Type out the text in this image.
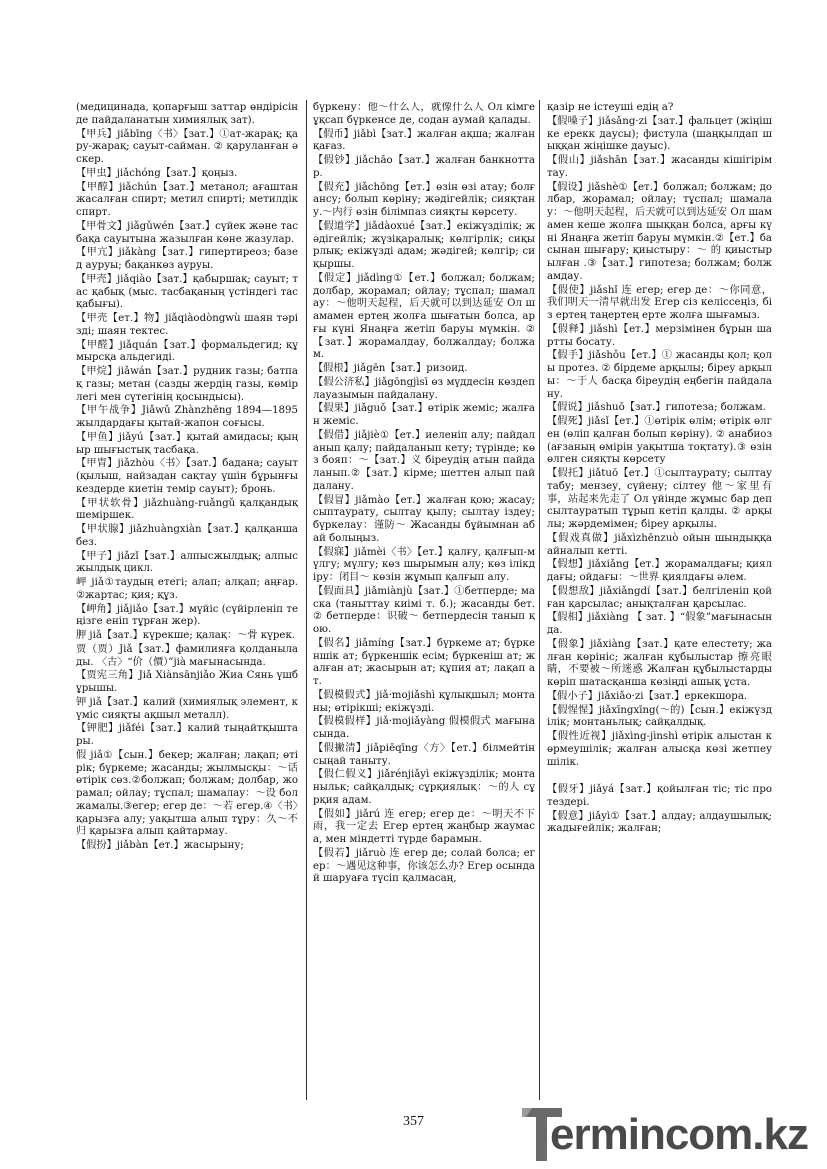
(медицинада, қопарғыш заттар өндірісінде пайдаланатын химиялық зат).
【甲兵】jiǎbīng〈书〉【зат.】①ат-жарақ; қару-жарақ; сауыт-сайман. ② қаруланған әскер.
【甲虫】jiǎchóng【зат.】қоңыз.
【甲醇】jiǎchún【зат.】метанол; ағаштан жасалған спирт; метил спирті; метилдік спирт.
【甲骨文】jiǎgǔwén【зат.】сүйек және тасбақа сауытына жазылған көне жазулар.
【甲亢】jiǎkàng【зат.】гипертиреоз; базед ауруы; бақанкөз ауруы.
【甲壳】jiǎqiào【зат.】қабыршақ; сауыт; тас қабық (мыс. тасбақаның үстіндегі тас қабығы).
【甲壳【ет.】物】jiǎqiàodòngwù шаян тәрізді; шаян тектес.
【甲醛】jiǎquán【зат.】формальдегид; құмырсқа альдегиді.
【甲烷】jiǎwán【зат.】рудник газы; батпақ газы; метан (сазды жердің газы, көмірлегі мен сүтегінің қосындысы).
【甲午战争】Jiǎwǔ Zhànzhēng 1894—1895 жылдардағы қытай-жапон соғысы.
【甲鱼】jiǎyú【зат.】қытай амидасы; қыңыр шығыстық тасбақа.
【甲胄】jiǎzhòu〈书〉【зат.】бадана; сауыт (қылыш, найзадан сақтау үшін бұрынғы кездерде киетін темір сауыт); бронь.
【甲状软骨】jiǎzhuàng-ruǎngǔ қалқандық шеміршек.
【甲状腺】jiǎzhuàngxiàn【зат.】қалқанша без.
【甲子】jiǎzǐ【зат.】алпысжылдық; алпысжылдық цикл.
岬 jiǎ①таудың етегі; алап; алқап; аңғар. ②жартас; қия; құз.
【岬角】jiǎjiǎo【зат.】мүйіс (сүйірленіп теңізге еніп тұрған жер).
胛 jiǎ【зат.】күрекше; қалақ：～骨 күрек.
贾（贾）Jiǎ【зат.】фамилияға қолданылады. 〈古〉“价（價）”jià мағынасында.
【贾宪三角】Jiǎ Xiànsānjiǎo Жиа Сянь үшбұрышы.
钾 jiǎ【зат.】калий (химиялық элемент, күміс сияқты ақшыл металл).
【钾肥】jiǎféi【зат.】калий тыңайтқыштары.
假 jiǎ①【сын.】бекер; жалған; лақап; өтірік; бүркеме; жасанды; жылмысқы：～话 өтірік сөз.②болжап; болжам; долбар, жорамал; ойлау; тұспал; шамалау：～设 болжамалы.③егер; егер де：～若 егер.④〈书〉қарызға алу; уақытша алып тұру：久～不归 қарызға алып қайтармау.
【假扮】jiǎbàn【ет.】жасырыну;
бүркену：他～什么人，就像什么人 Ол кімге ұқсап бүркенсе де, содан аумай қалады.
【假币】jiǎbì【зат.】жалған ақша; жалған қағаз.
【假钞】jiǎchāo【зат.】жалған банкноттар.
【假充】jiǎchōng【ет.】өзін өзі атау; болғансу; болып көріну; жәдігейлік; сияқтану.～内行 өзін білімпаз сияқты көрсету.
【假道学】jiǎdàoxué【зат.】екіжүзділік; жәдігейлік; жүзіқаралық; көлгірлік; сиқырлық; екіжүзді адам; жәдігей; көлгір; сиқыршы.
【假定】jiǎdìng①【ет.】болжал; болжам; долбар, жорамал; ойлау; тұспал; шамалау：～他明天起程，后天就可以到达延安 Ол шамамен ертең жолға шығатын болса, арғы күні Янаңға жетіп баруы мүмкін. ②【зат.】жорамалдау, болжалдау; болжам.
【假根】jiǎgēn【зат.】ризоид.
【假公济私】jiǎgōngjìsī өз мүддесін көздеп лауазымын пайдалану.
【假果】jiǎguǒ【зат.】өтірік жеміс; жалған жеміс.
【假借】jiǎjiè①【ет.】иеленіп алу; пайдаланып қалу; пайдаланып кету; түрінде; көз бояп：～【зат.】义 біреудің атын пайдаланып.②【зат.】кірме; шеттен алып пайдалану.
【假冒】jiǎmào【ет.】жалған қою; жасау; сыптаурату, сылтау қылу; сылтау іздеу; бүркелау：谨防～ Жасанды бұйымнан абай болыңыз.
【假寐】jiǎmèi〈书〉【ет.】қалғу, қалғып-мүлгу; мүлгу; көз шырымын алу; көз ілікдіру：闭目～ көзін жұмып қалғып алу.
【假面具】jiǎmiànjù【зат.】①бетперде; маска (таныттау киімі т. б.); жасанды бет. ② бетперде：识破～ бетпердесін танып қою.
【假名】jiǎmíng【зат.】бүркеме ат; бүркеншік ат; бүркеншік есім; бүркеніш ат; жалған ат; жасырын ат; құпия ат; лақап ат.
【假模假式】jiǎ·mojiǎshì құлықшыл; монтаны; өтірікші; екіжүзді.
【假模假样】jiǎ·mojiǎyàng 假模假式 мағынасында.
【假撇清】jiǎpiēqīng〈方〉【ет.】білмейтін сыңай таныту.
【假仁假义】jiǎrénjiǎyì екіжүзділік; монтаныльк; сайқалдық; сұрқиялық：～的人 сұрқия адам.
【假如】jiǎrú 连 егер; егер де：～明天不下雨，我一定去 Егер ертең жаңбыр жаумаса, мен міндетті түрде барамын.
【假若】jiǎruò 连 егер де; солай болса; егер：～遇见这种事，你该怎么办? Егер осындай шаруаға түсіп қалмасаң,
қазір не істеуші едің а?
【假嗓子】jiǎsǎng·zi【зат.】фальцет (жіңішке ерекк даусы); фистула (шаңқылдап шыққан жіңішке дауыс).
【假山】jiǎshān【зат.】жасанды кішігірім тау.
【假设】jiǎshè①【ет.】болжал; болжам; долбар, жорамал; ойлау; тұспал; шамалау：～他明天起程，后天就可以到达延安 Ол шамамен кеше жолға шыққан болса, арғы күні Янаңға жетіп баруы мүмкін.②【ет.】басынан шығару; қиыстыру：～ 的 қиыстырылған .③【зат.】гипотеза; болжам; болжамдау.
【假使】jiǎshǐ 连 егер; егер де：～你同意，我们明天一清早就出发 Егер сіз келіссеңіз, біз ертең таңертең ерте жолға шығамыз.
【假释】jiǎshì【ет.】мерзімінен бұрын шартты босату.
【假手】jiǎshǒu【ет.】① жасанды қол; қолы протез. ② бірдеме арқылы; біреу арқылы：～于人 басқа біреудің еңбегін пайдалану.
【假说】jiǎshuō【зат.】гипотеза; болжам.
【假死】jiǎsǐ【ет.】①өтірік өлім; өтірік өлген (өліп қалған болып көріну). ② анабиоз (ағзаның өмірін уақытша тоқтату).③ өзін өлген сияқты көрсету
【假托】jiǎtuō【ет.】①сылтаурату; сылтау табу; мензеу, сүйену; сілтеу 他～家里有事，站起来先走了 Ол үйінде жұмыс бар деп сылтауратып тұрып кетіп қалды. ② арқылы; жәрдемімен; біреу арқылы.
【假戏真做】jiǎxìzhēnzuò ойын шындыққа айналып кетті.
【假想】jiǎxiǎng【ет.】жорамалдағы; қиялдағы; ойдағы：～世界 қиялдағы әлем.
【假想敌】jiǎxiǎngdí【зат.】белгіленіп қойған қарсылас; анықталған қарсылас.
【假相】jiǎxiàng 【 зат. 】“假象”мағынасында.
【假象】jiǎxiàng【зат.】қате елестету; жалған көрініс; жалған құбылыстар 擦亮眼睛，不要被～所迷惑 Жалған құбылыстарды көріп шатасқанша көзіңді ашық ұста.
【假小子】jiǎxiǎo·zi【зат.】еркекшора.
【假惺惺】jiǎxīngxīng(～的)【сын.】екіжүзділік; монтаньлық; сайқалдық.
【假性近视】jiǎxìng-jìnshì өтірік алыстан көрмеушілік; жалған алысқа көзі жетпеушілік.

【假牙】jiǎyá【зат.】қойылған тіс; тіс протездері.
【假意】jiǎyì①【зат.】алдау; алдаушылық; жадығейлік; жалған;
357	ermincom.kz
